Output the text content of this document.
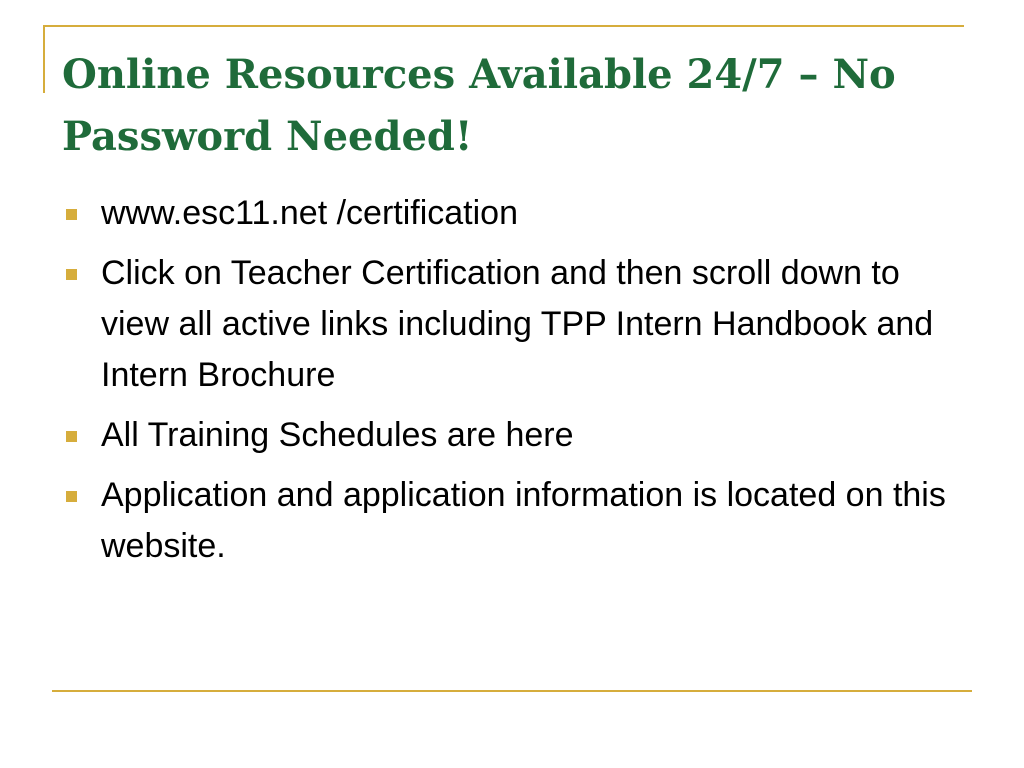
Online Resources Available 24/7 – No Password Needed!
www.esc11.net /certification
Click on Teacher Certification and then scroll down to view all active links including TPP Intern Handbook and Intern Brochure
All Training Schedules are here
Application and application information is located on this website.
